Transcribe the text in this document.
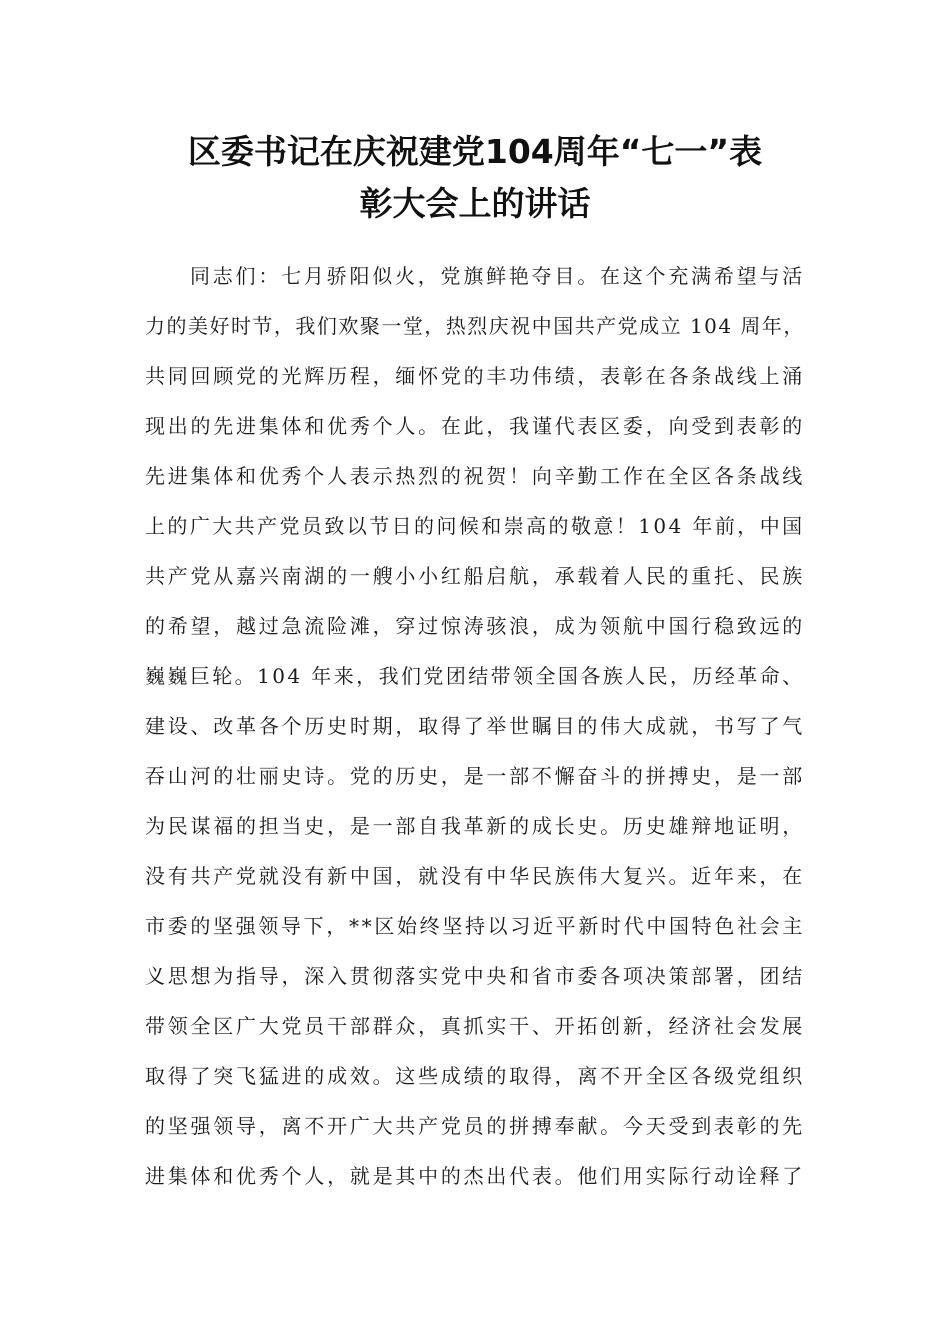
区委书记在庆祝建党104周年“七一”表
彰大会上的讲话
同志们：七月骄阳似火，党旗鲜艳夺目。在这个充满希望与活
力的美好时节，我们欢聚一堂，热烈庆祝中国共产党成立 104 周年，
共同回顾党的光辉历程，缅怀党的丰功伟绩，表彰在各条战线上涌
现出的先进集体和优秀个人。在此，我谨代表区委，向受到表彰的
先进集体和优秀个人表示热烈的祝贺！向辛勤工作在全区各条战线
上的广大共产党员致以节日的问候和崇高的敬意！104 年前，中国
共产党从嘉兴南湖的一艘小小红船启航，承载着人民的重托、民族
的希望，越过急流险滩，穿过惊涛骇浪，成为领航中国行稳致远的
巍巍巨轮。104 年来，我们党团结带领全国各族人民，历经革命、
建设、改革各个历史时期，取得了举世瞩目的伟大成就，书写了气
吞山河的壮丽史诗。党的历史，是一部不懈奋斗的拼搏史，是一部
为民谋福的担当史，是一部自我革新的成长史。历史雄辩地证明，
没有共产党就没有新中国，就没有中华民族伟大复兴。近年来，在
市委的坚强领导下，**区始终坚持以习近平新时代中国特色社会主
义思想为指导，深入贯彻落实党中央和省市委各项决策部署，团结
带领全区广大党员干部群众，真抓实干、开拓创新，经济社会发展
取得了突飞猛进的成效。这些成绩的取得，离不开全区各级党组织
的坚强领导，离不开广大共产党员的拼搏奉献。今天受到表彰的先
进集体和优秀个人，就是其中的杰出代表。他们用实际行动诠释了
